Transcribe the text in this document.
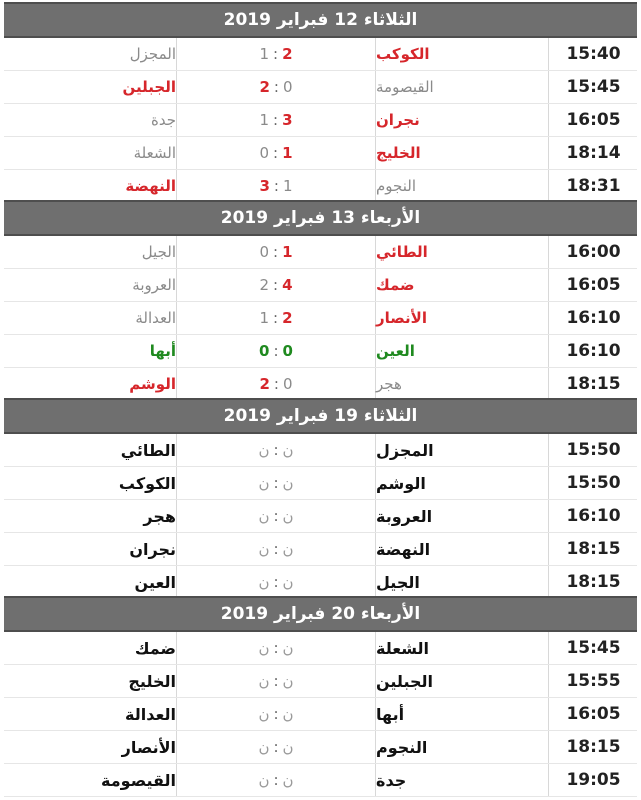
الثلاثاء 12 فبراير 2019
المجزل	1 : 2	الكوكب	15:40
الجبلين	2 : 0	القيصومة	15:45
جدة	1 : 3	نجران	16:05
الشعلة	0 : 1	الخليج	18:14
النهضة	3 : 1	النجوم	18:31
الأربعاء 13 فبراير 2019
الجيل	0 : 1	الطائي	16:00
العروبة	2 : 4	ضمك	16:05
العدالة	1 : 2	الأنصار	16:10
أبها	0 : 0	العين	16:10
الوشم	2 : 0	هجر	18:15
الثلاثاء 19 فبراير 2019
الطائي	ن : ن	المجزل	15:50
الكوكب	ن : ن	الوشم	15:50
هجر	ن : ن	العروبة	16:10
نجران	ن : ن	النهضة	18:15
العين	ن : ن	الجيل	18:15
الأربعاء 20 فبراير 2019
ضمك	ن : ن	الشعلة	15:45
الخليج	ن : ن	الجبلين	15:55
العدالة	ن : ن	أبها	16:05
الأنصار	ن : ن	النجوم	18:15
القيصومة	ن : ن	جدة	19:05
